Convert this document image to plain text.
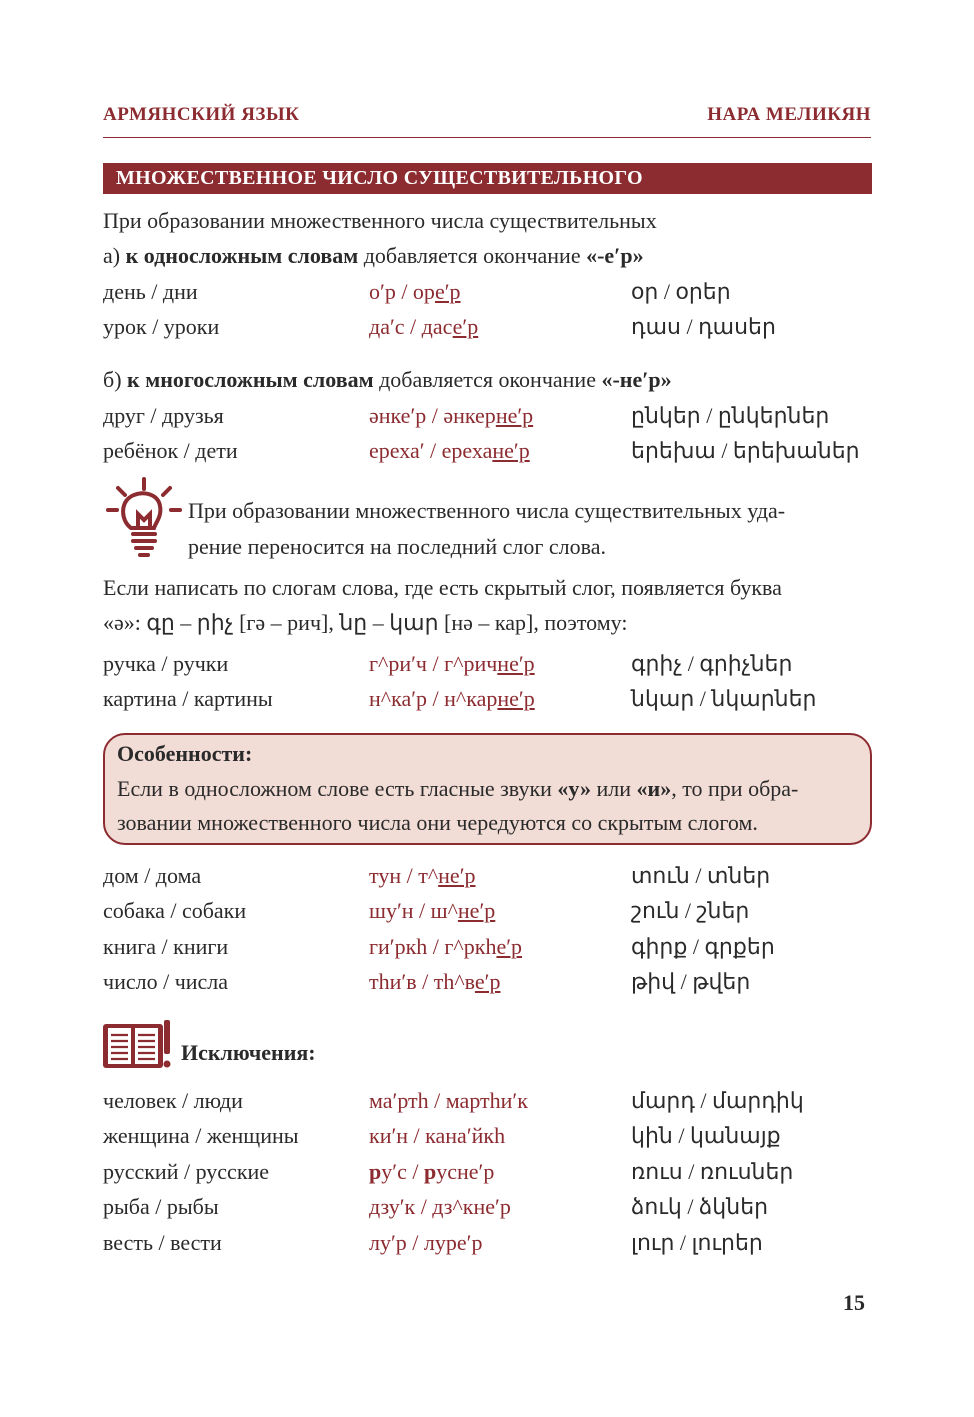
АРМЯНСКИЙ ЯЗЫК	НАРА МЕЛИКЯН
МНОЖЕСТВЕННОЕ ЧИСЛО СУЩЕСТВИТЕЛЬНОГО
При образовании множественного числа существительных
а) к односложным словам добавляется окончание «-е′р»
день / дни	о′р / оре′р	օր / օրեր
урок / уроки	да′с / дасе′р	դաս / դասեր
б) к многосложным словам добавляется окончание «-не′р»
друг / друзья	әнке′р / әнкерне′р	ընկեր / ընկերներ
ребёнок / дети	ереха′ / ерехане′р	երեխա / երեխաներ
При образовании множественного числа существительных уда-
рение переносится на последний слог слова.
Если написать по слогам слова, где есть скрытый слог, появляется буква
«ә»: գը – րիչ [гә – рич], նը – կար [нә – кар], поэтому:
ручка / ручки	г^ри′ч / г^ричне′р	գրիչ / գրիչներ
картина / картины	н^ка′р / н^карне′р	նկար / նկարներ
Особенности:
Если в односложном слове есть гласные звуки «у» или «и», то при обра-
зовании множественного числа они чередуются со скрытым слогом.
дом / дома	тун / т^не′р	տուն / տներ
собака / собаки	шу′н / ш^не′р	շուն / շներ
книга / книги	ги′ркh / г^ркhе′р	գիրք / գրքեր
число / числа	тhи′в / тh^ве′р	թիվ / թվեր
Исключения:
человек / люди	ма′ртh / мартhи′к	մարդ / մարդիկ
женщина / женщины	ки′н / кана′йкh	կին / կանայք
русский / русские	ру′с / русне′р	ռուս / ռուսներ
рыба / рыбы	дзу′к / дз^кне′р	ձուկ / ձկներ
весть / вести	лу′р / луре′р	լուր / լուրեր
15
